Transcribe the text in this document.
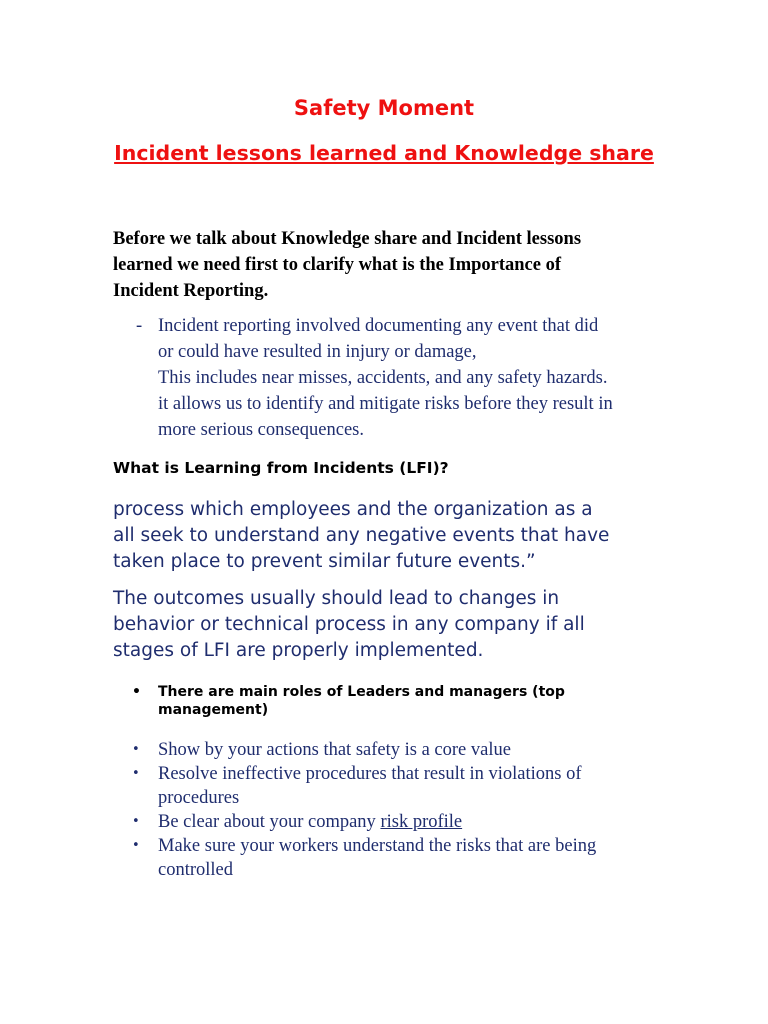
Safety Moment
Incident lessons learned and Knowledge share

Before we talk about Knowledge share and Incident lessons
learned we need first to clarify what is the Importance of
Incident Reporting.

- Incident reporting involved documenting any event that did
or could have resulted in injury or damage,
This includes near misses, accidents, and any safety hazards.
it allows us to identify and mitigate risks before they result in
more serious consequences.
What is Learning from Incidents (LFI)?

process which employees and the organization as a
all seek to understand any negative events that have
taken place to prevent similar future events.”

The outcomes usually should lead to changes in
behavior or technical process in any company if all
stages of LFI are properly implemented.

• There are main roles of Leaders and managers (top
management)
• Show by your actions that safety is a core value
• Resolve ineffective procedures that result in violations of
procedures
• Be clear about your company risk profile
• Make sure your workers understand the risks that are being
controlled
